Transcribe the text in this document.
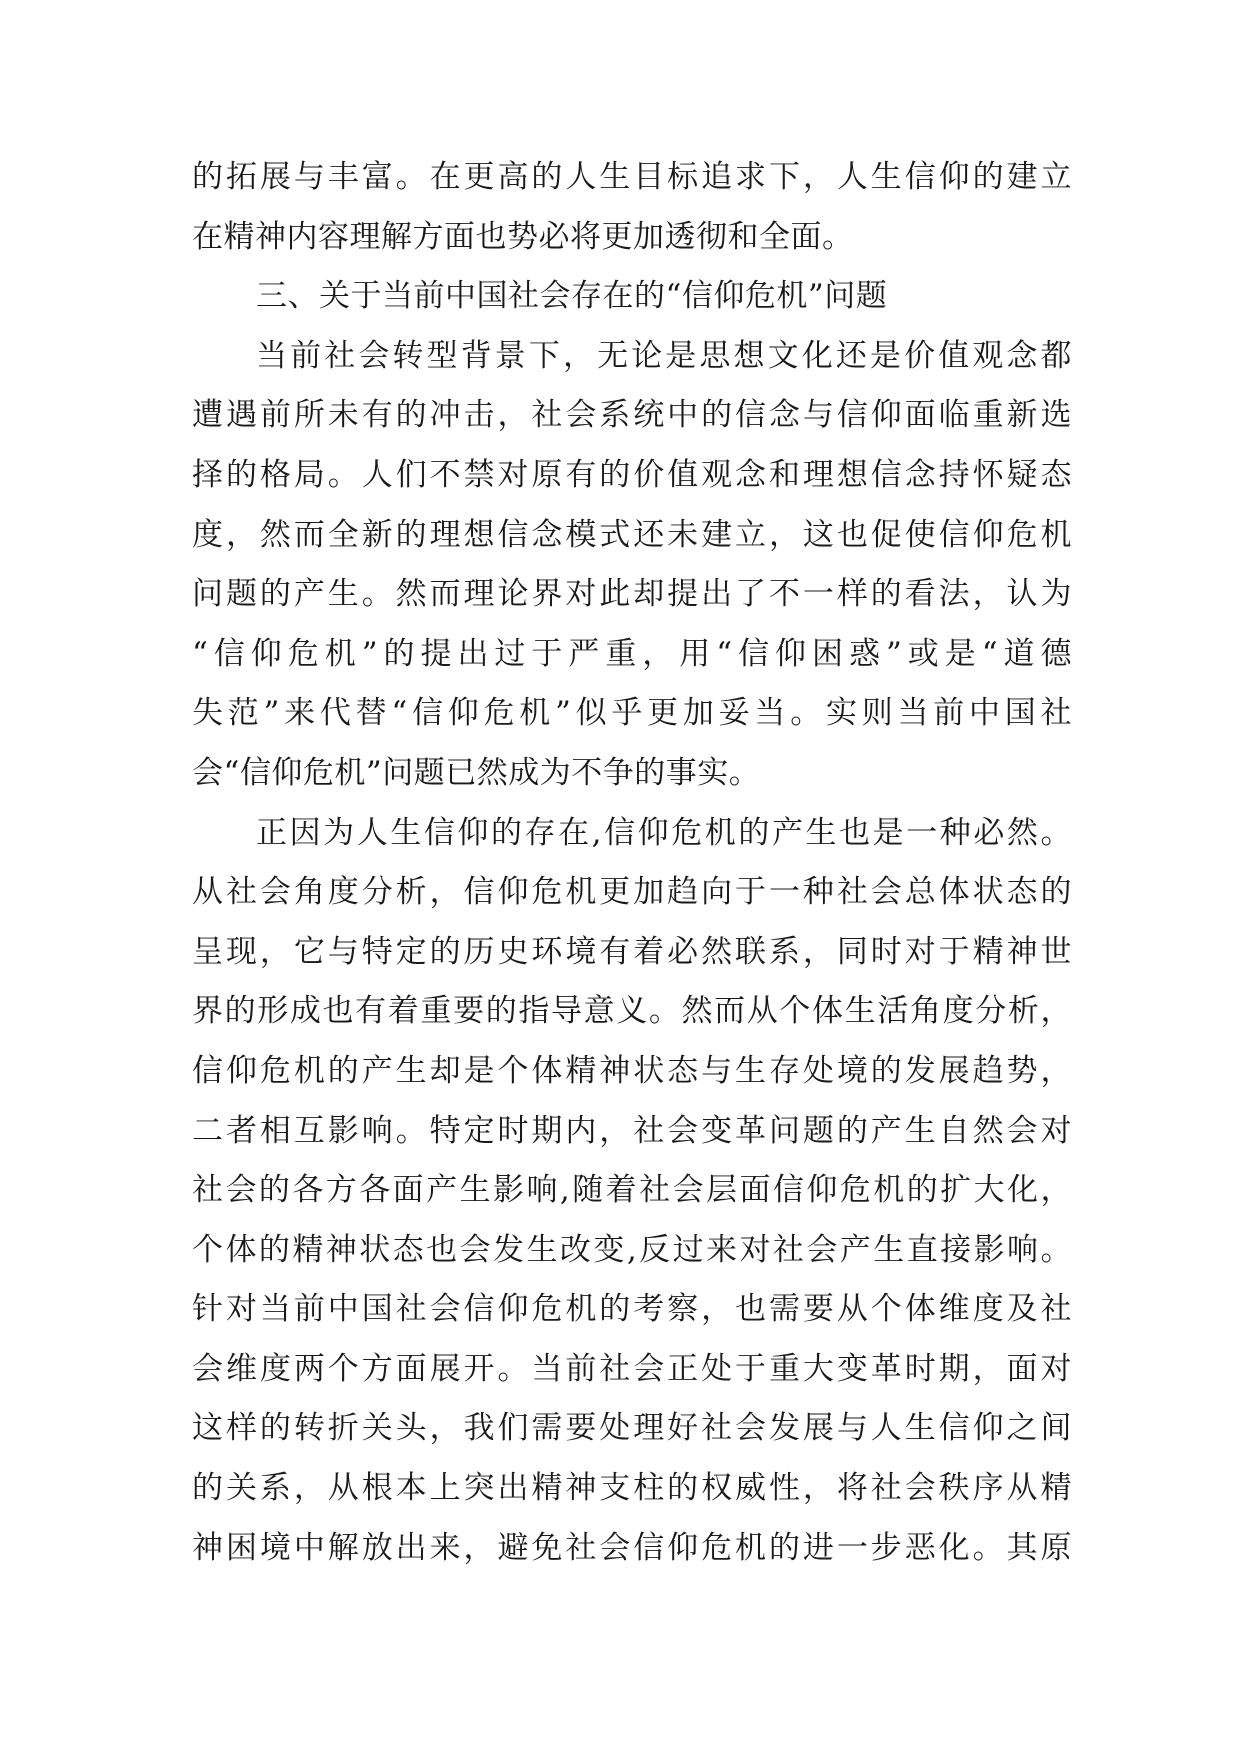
的拓展与丰富。在更高的人生目标追求下，人生信仰的建立
在精神内容理解方面也势必将更加透彻和全面。
三、关于当前中国社会存在的“信仰危机”问题
当前社会转型背景下，无论是思想文化还是价值观念都
遭遇前所未有的冲击，社会系统中的信念与信仰面临重新选
择的格局。人们不禁对原有的价值观念和理想信念持怀疑态
度，然而全新的理想信念模式还未建立，这也促使信仰危机
问题的产生。然而理论界对此却提出了不一样的看法，认为
“信仰危机”的提出过于严重，用“信仰困惑”或是“道德
失范”来代替“信仰危机”似乎更加妥当。实则当前中国社
会“信仰危机”问题已然成为不争的事实。
正因为人生信仰的存在,信仰危机的产生也是一种必然。
从社会角度分析，信仰危机更加趋向于一种社会总体状态的
呈现，它与特定的历史环境有着必然联系，同时对于精神世
界的形成也有着重要的指导意义。然而从个体生活角度分析，
信仰危机的产生却是个体精神状态与生存处境的发展趋势，
二者相互影响。特定时期内，社会变革问题的产生自然会对
社会的各方各面产生影响,随着社会层面信仰危机的扩大化，
个体的精神状态也会发生改变,反过来对社会产生直接影响。
针对当前中国社会信仰危机的考察，也需要从个体维度及社
会维度两个方面展开。当前社会正处于重大变革时期，面对
这样的转折关头，我们需要处理好社会发展与人生信仰之间
的关系，从根本上突出精神支柱的权威性，将社会秩序从精
神困境中解放出来，避免社会信仰危机的进一步恶化。其原
